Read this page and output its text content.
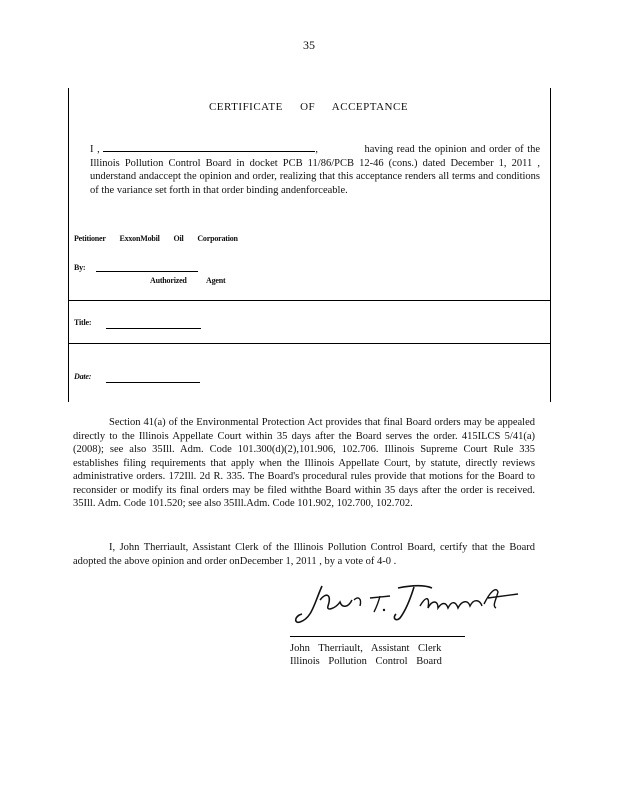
35
CERTIFICATE OF ACCEPTANCE
I ,	,             having read the opinion and order of the Illinois Pollution Control Board in docket PCB 11/86/PCB 12-46 (cons.) dated December 1, 2011 , understand andaccept the opinion and order, realizing that this acceptance renders all terms and conditions of the variance set forth in that order binding andenforceable.
Petitioner ExxonMobil Oil Corporation
By:
Authorized Agent
Title:
Date:
Section 41(a) of the Environmental Protection Act provides that final Board orders may be appealed directly to the Illinois Appellate Court within 35 days after the Board serves the order. 415ILCS 5/41(a) (2008); see also 35Ill. Adm. Code 101.300(d)(2),101.906, 102.706. Illinois Supreme Court Rule 335 establishes filing requirements that apply when the Illinois Appellate Court, by statute, directly reviews administrative orders. 172Ill. 2d R. 335. The Board's procedural rules provide that motions for the Board to reconsider or modify its final orders may be filed withthe Board within 35 days after the order is received. 35Ill. Adm. Code 101.520; see also 35Ill.Adm. Code 101.902, 102.700, 102.702.
I, John Therriault, Assistant Clerk of the Illinois Pollution Control Board, certify that the Board adopted the above opinion and order onDecember 1, 2011 , by a vote of 4-0 .
John Therriault, Assistant Clerk
Illinois Pollution Control Board
